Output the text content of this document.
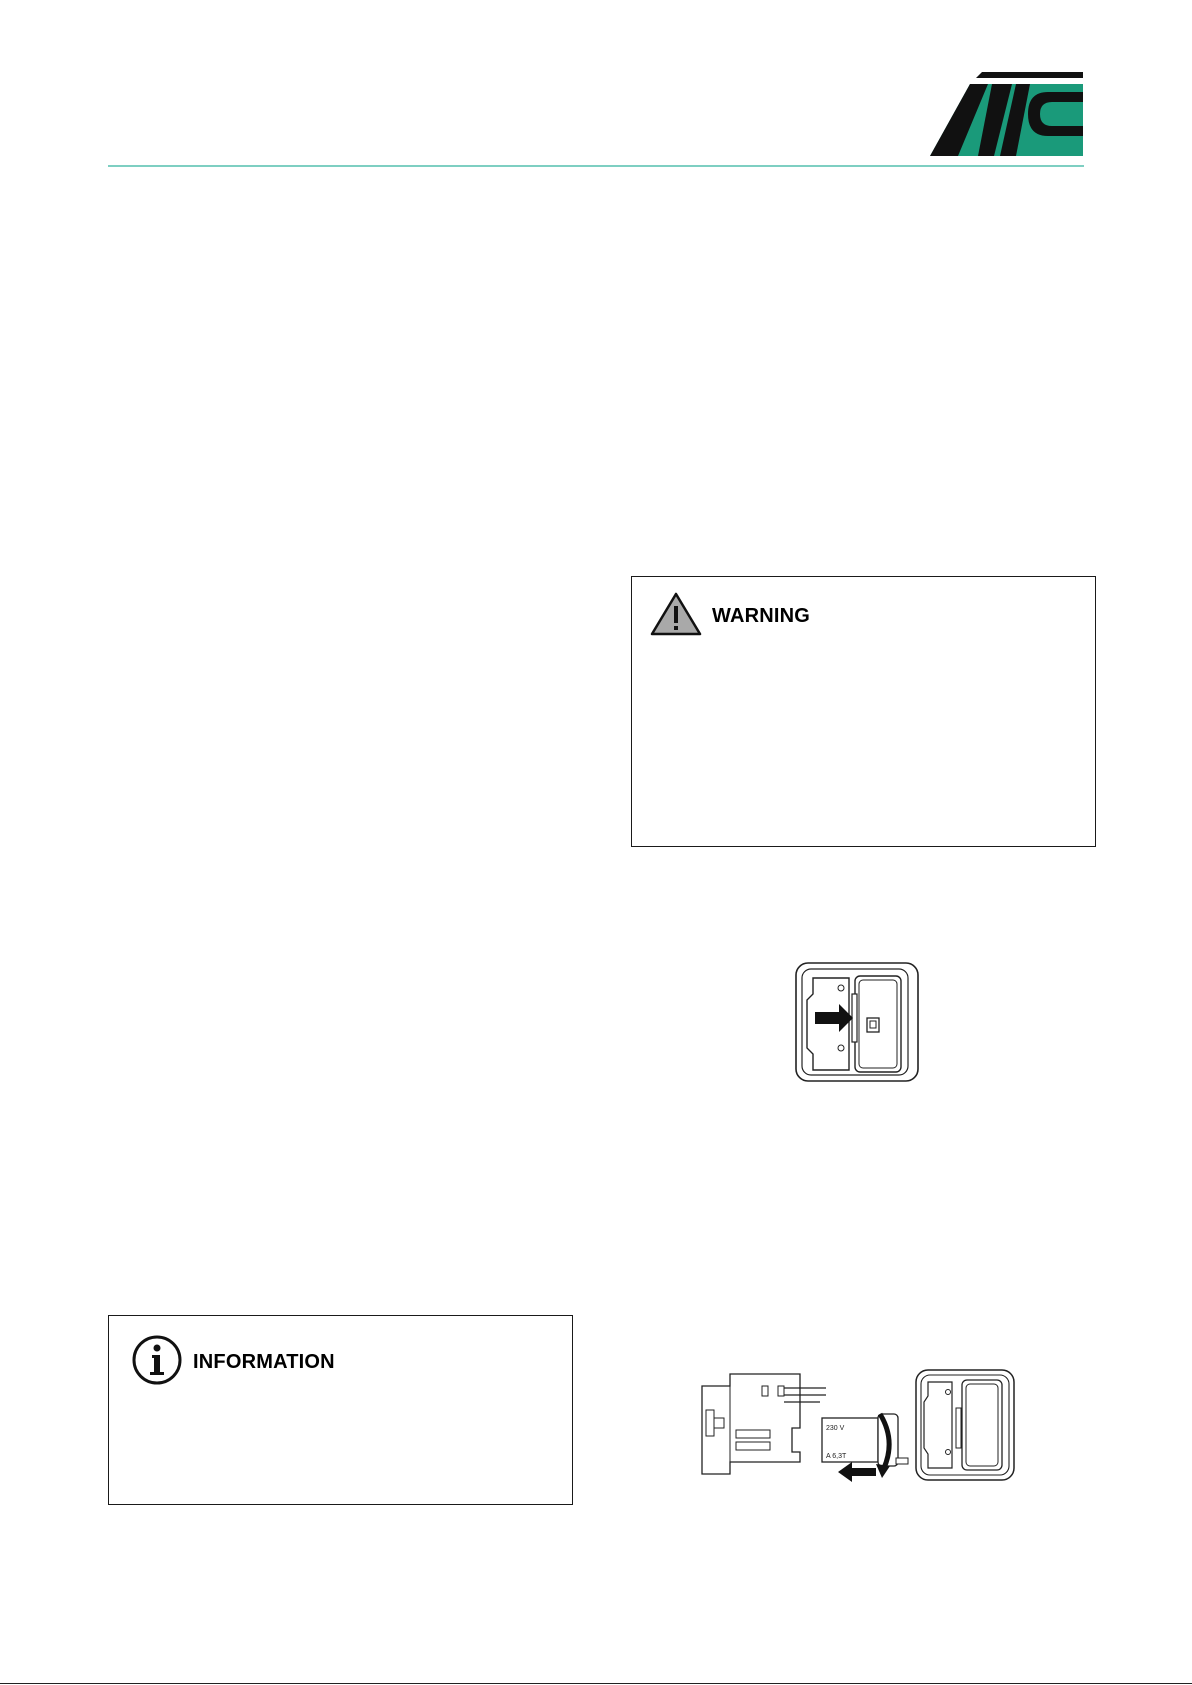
WARNING
INFORMATION
230 V
A 6,3T
